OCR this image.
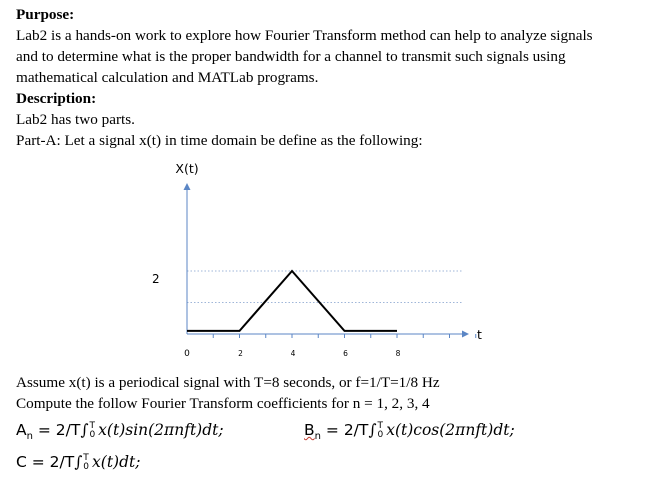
Purpose:
Lab2 is a hands-on work to explore how Fourier Transform method can help to analyze signals
and to determine what is the proper bandwidth for a channel to transmit such signals using
mathematical calculation and MATLab programs.
Description:
Lab2 has two parts.
Part-A: Let a signal x(t) in time domain be define as the following:
X(t)
t
2
0	2	4	6	8
Assume x(t) is a periodical signal with T=8 seconds, or f=1/T=1/8 Hz
Compute the follow Fourier Transform coefficients for n = 1, 2, 3, 4
$A_n = 2/T\int$ T
0 x(t)sin(2πnft)dt;	$B_n = 2/T\int$ T
0 x(t)cos(2πnft)dt;
C = 2/T∫ T
0 x(t)dt;
